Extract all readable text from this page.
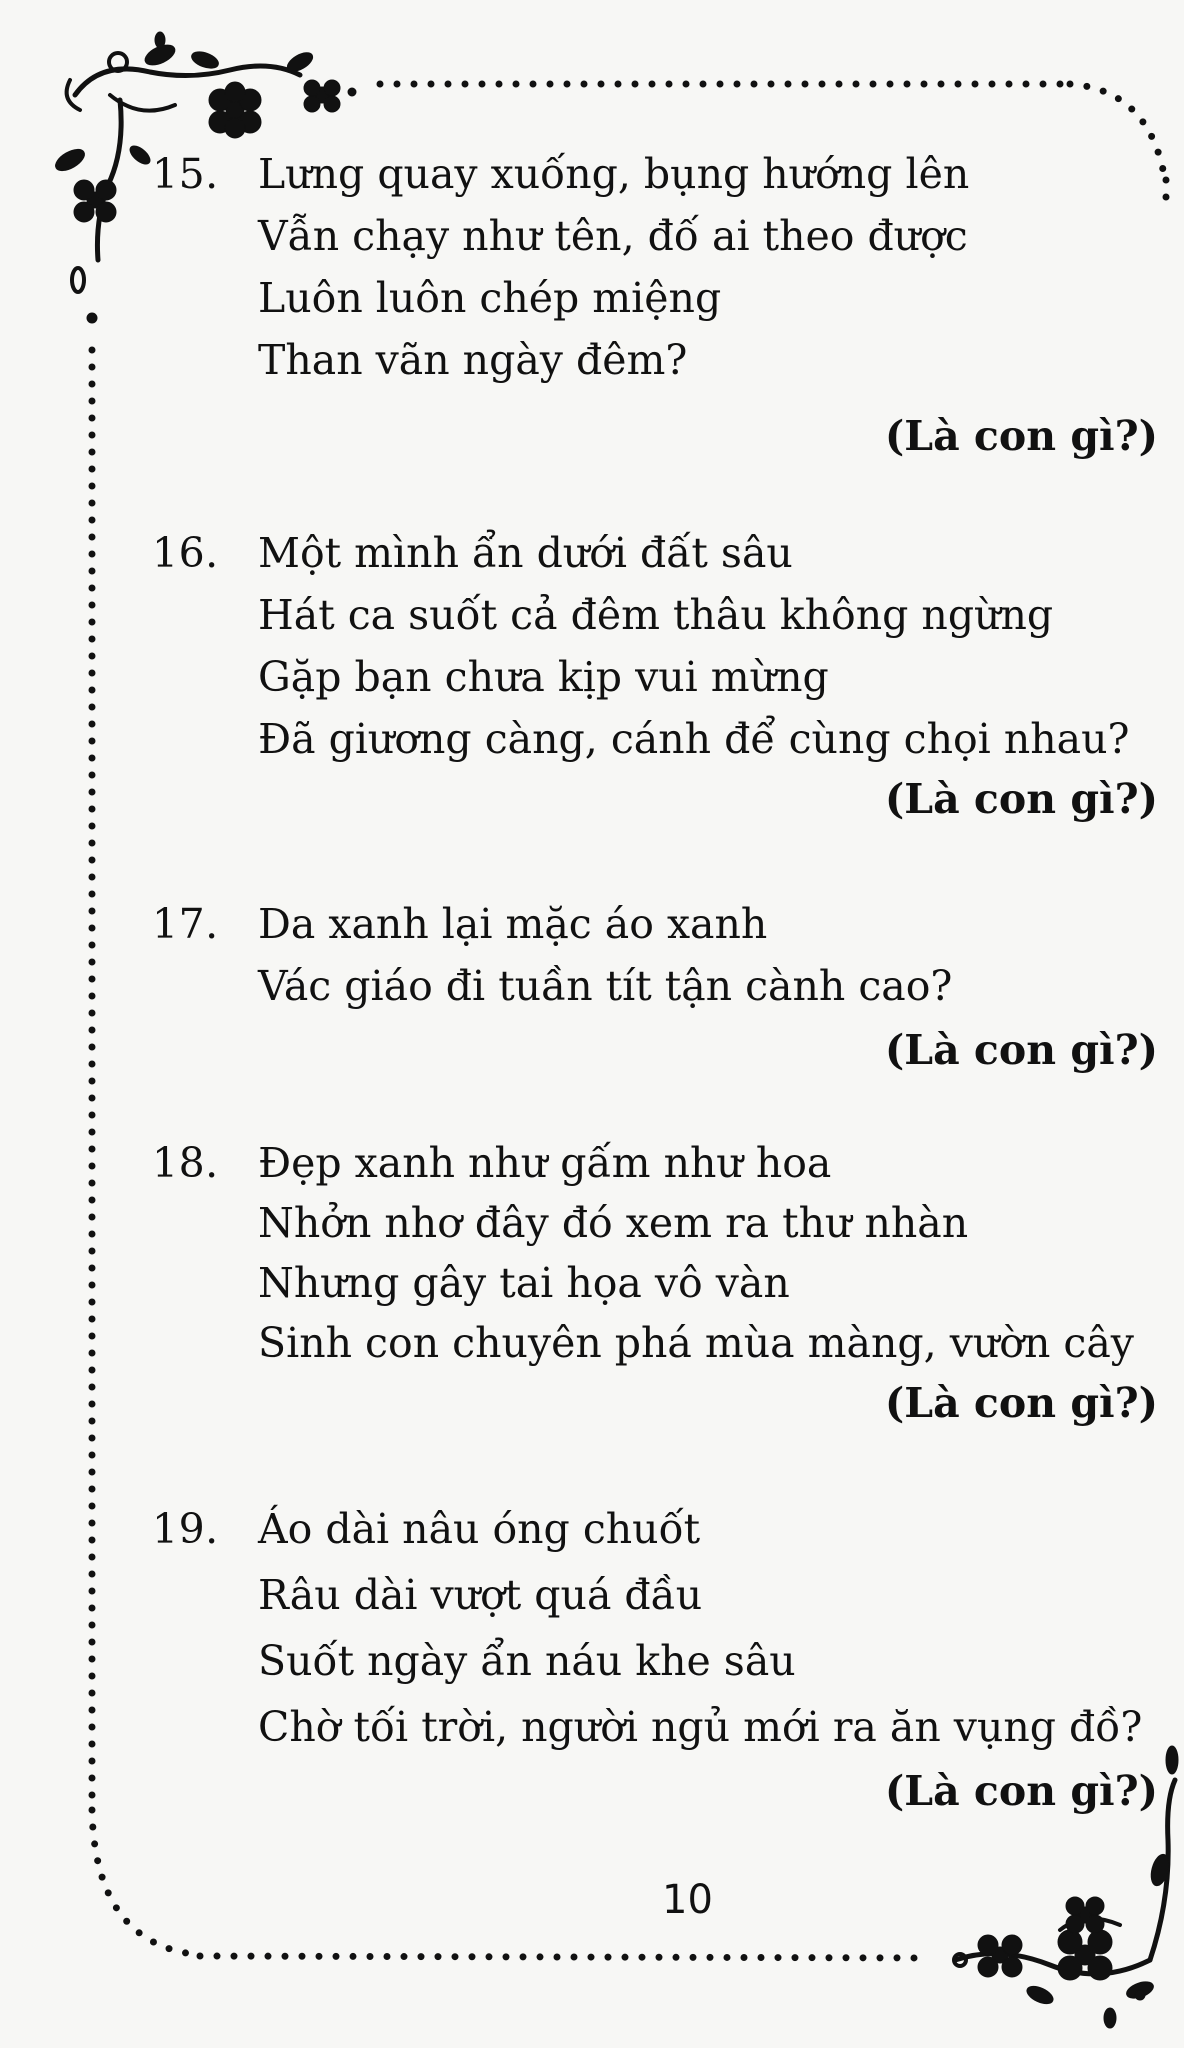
15. Lưng quay xuống, bụng hướng lên
Vẫn chạy như tên, đố ai theo được
Luôn luôn chép miệng
Than vãn ngày đêm?
(Là con gì?)
16. Một mình ẩn dưới đất sâu
Hát ca suốt cả đêm thâu không ngừng
Gặp bạn chưa kịp vui mừng
Đã giương càng, cánh để cùng chọi nhau?
(Là con gì?)
17. Da xanh lại mặc áo xanh
Vác giáo đi tuần tít tận cành cao?
(Là con gì?)
18. Đẹp xanh như gấm như hoa
Nhởn nhơ đây đó xem ra thư nhàn
Nhưng gây tai họa vô vàn
Sinh con chuyên phá mùa màng, vườn cây
(Là con gì?)
19. Áo dài nâu óng chuốt
Râu dài vượt quá đầu
Suốt ngày ẩn náu khe sâu
Chờ tối trời, người ngủ mới ra ăn vụng đồ?
(Là con gì?)
10
